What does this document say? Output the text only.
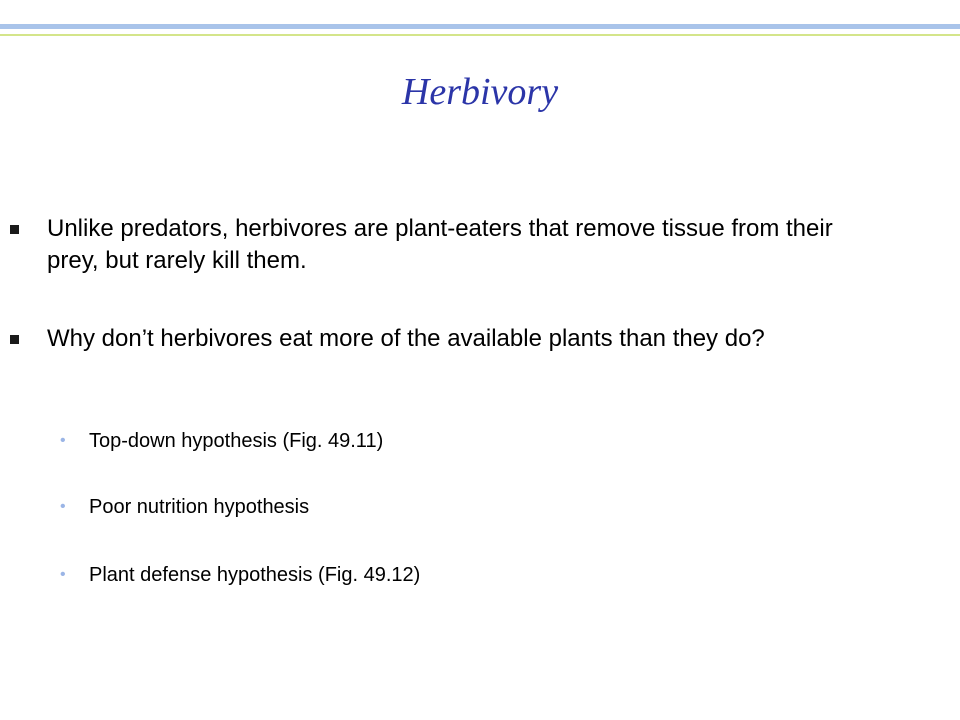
Herbivory
Unlike predators, herbivores are plant-eaters that remove tissue from their prey, but rarely kill them.
Why don’t herbivores eat more of the available plants than they do?
• Top-down hypothesis (Fig. 49.11)
• Poor nutrition hypothesis
• Plant defense hypothesis (Fig. 49.12)
